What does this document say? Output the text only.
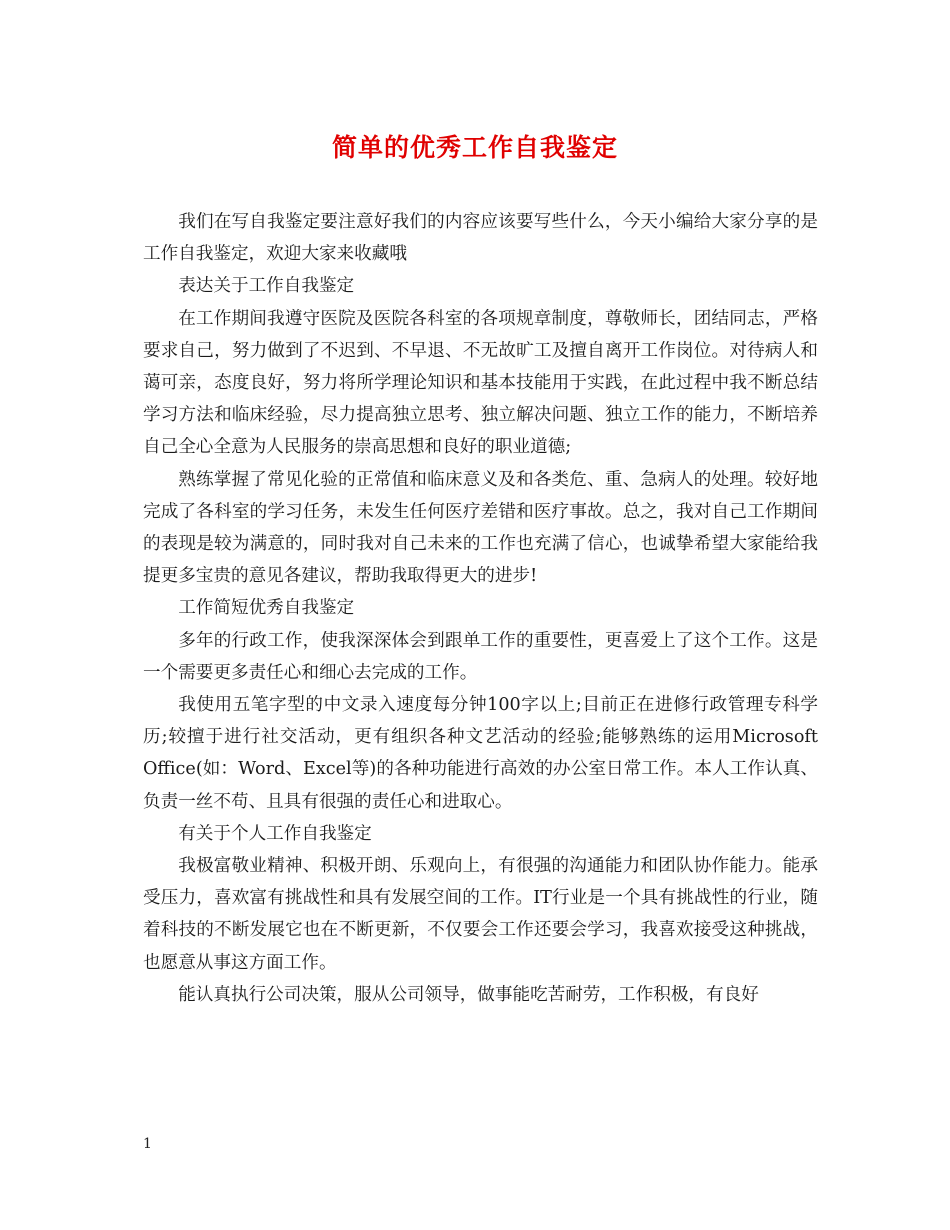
简单的优秀工作自我鉴定

我们在写自我鉴定要注意好我们的内容应该要写些什么，今天小编给大家分享的是工作自我鉴定，欢迎大家来收藏哦

表达关于工作自我鉴定

在工作期间我遵守医院及医院各科室的各项规章制度，尊敬师长，团结同志，严格要求自己，努力做到了不迟到、不早退、不无故旷工及擅自离开工作岗位。对待病人和蔼可亲，态度良好，努力将所学理论知识和基本技能用于实践，在此过程中我不断总结学习方法和临床经验，尽力提高独立思考、独立解决问题、独立工作的能力，不断培养自己全心全意为人民服务的崇高思想和良好的职业道德;

熟练掌握了常见化验的正常值和临床意义及和各类危、重、急病人的处理。较好地完成了各科室的学习任务，未发生任何医疗差错和医疗事故。总之，我对自己工作期间的表现是较为满意的，同时我对自己未来的工作也充满了信心，也诚挚希望大家能给我提更多宝贵的意见各建议，帮助我取得更大的进步!

工作简短优秀自我鉴定

多年的行政工作，使我深深体会到跟单工作的重要性，更喜爱上了这个工作。这是一个需要更多责任心和细心去完成的工作。

我使用五笔字型的中文录入速度每分钟100字以上;目前正在进修行政管理专科学历;较擅于进行社交活动，更有组织各种文艺活动的经验;能够熟练的运用Microsoft Office(如：Word、Excel等)的各种功能进行高效的办公室日常工作。本人工作认真、负责一丝不苟、且具有很强的责任心和进取心。

有关于个人工作自我鉴定

我极富敬业精神、积极开朗、乐观向上，有很强的沟通能力和团队协作能力。能承受压力，喜欢富有挑战性和具有发展空间的工作。IT行业是一个具有挑战性的行业，随着科技的不断发展它也在不断更新，不仅要会工作还要会学习，我喜欢接受这种挑战，也愿意从事这方面工作。

能认真执行公司决策，服从公司领导，做事能吃苦耐劳，工作积极，有良好

1
